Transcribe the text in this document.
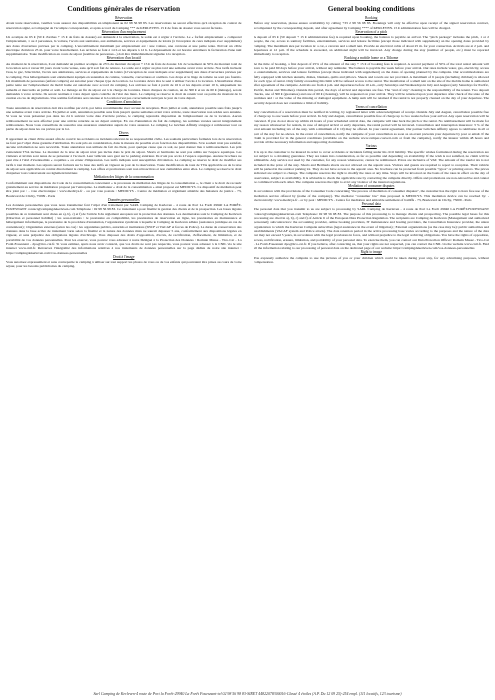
Conditions générales de réservation
Réservation

Avant toute réservation, veuillez vous assurer des disponibilités en téléphonant au 02 98 56 98 83. Les réservations ne seront effectives qu'à réception du contrat de réservation signé, accompagné de l'acompte correspondant, et après accord du Camping *** de KERLEVEN. 15 € de frais de dossier vous seront facturés.

Réservation d'un emplacement

Un acompte de 65 € (50 € d'arrhes + 15 € de frais de dossier) est demandé à la réservation, le solde est à régler à l'arrivée. Le « forfait emplacement » comprend l'emplacement, 1 ou 2 personnes, la voiture, l'accès aux sanitaires, aux animations, services et équipements de loisirs (à l'exception de ceux indiqués avec supplément) aux dates d'ouverture prévues par le camping. L'encombrement maximum par emplacement est : une voiture, une caravane et une petite tente. Prévoir un câble électrique d'environ 25 m. pour votre branchement. Les arrivées se font à 14 h et les départs à 12 h. Le dépassement de cet horaire entraînera la facturation d'une nuit supplémentaire. Toute modification en cours de séjour (nombre de personnes...) doit être immédiatement signalée à la réception.

Réservation d'un locatif

Au moment de la réservation, il est demandé un premier acompte de 25% du montant du séjour + 15 € de frais de dossier. Un 2e versement de 50% du montant total de la location sera à verser 60 jours avant votre venue, sans qu'il soit fait de relance. Le solde est à régler au plus tard une semaine avant votre arrivée. Nos tarifs incluent l'eau, le gaz, l'électricité, l'accès aux animations, services et équipements de loisirs (à l'exception de ceux indiqués avec supplément) aux dates d'ouverture prévues par le camping. Nos hébergements sont entièrement équipés en ustensiles de cuisine, vaisselle, couvertures et oreillers. Les draps et le linge de toilette ne sont pas fournis. Un maximum de personnes (enfant compris) est autorisé pour chaque type de location. Le locataire devra être le seul à utiliser l'accès à la location. L'installation d'une petite tente sur l'emplacement du mobil home est autorisée avec accord du camping. Les arrivées se font à partir de 16 h et les départs avant 10 h, uniquement les samedis et mercredis en juillet et août. Le ménage en fin de séjour est à la charge du locataire. Deux chèques de caution, un de 300 € et un de 60 € (ménage), seront demandés à votre arrivée. Ils seront restitués à votre départ après contrôle de l'état des lieux. Le camping se réserve le droit de retenir tout ou partie du montant de la caution en cas de dégradations. Une somme forfaitaire sera retenue si la location n'est pas correctement nettoyée le jour de votre départ.

Conditions d'annulation

Toute annulation de réservation doit être notifiée par écrit, par lettre recommandée avec accusé de réception. Hors juillet et août, annulation possible sans frais jusqu'à une semaine avant votre arrivée. En juillet et août, annulation possible sans frais jusqu'à quatre semaines avant votre arrivée, toute réservation non soldée sera annulée. Si vous ne vous présentez pas dans les 24 h suivant votre date d'arrivée prévue, le camping reprendra disposition de l'emplacement ou de la location. Aucun remboursement ne sera effectué pour une arrivée retardée ou un départ anticipé. En cas d'annulation du fait du camping, les sommes versées seront intégralement remboursées. Nous vous conseillons de souscrire une assurance annulation auprès de votre assureur. Le camping Le Grichen Affinity s'engage à rembourser tout ou partie du séjour dans les cas prévus par la loi.

Divers

Il appartient au client d'être assuré afin de couvrir les accidents ou incidents relevant de sa responsabilité civile. Les souhaits particuliers formulés lors de la réservation ne font pas l'objet d'une garantie d'attribution. Ils sont pris en considération, dans la mesure du possible et en fonction des disponibilités. Si le souhait n'est pas satisfait, aucune réclamation ne sera recevable. Toute annulation non utilisée du fait du client, pour quelque cause que ce soit, ne peut donner lieu à remboursement. Les prix s'entendent TVA incluse. Le montant de la taxe de séjour n'est pas inclus dans le prix du séjour. Shorts et bermudas ne sont pas admis sur l'espace aquatique. Les visiteurs et invités sont tenus de se présenter à l'accueil. Leur véhicule sera garé sur le parking extérieur. Ils n'ont pas accès à l'espace aquatique. Aucune brochure ne peut être à l'abri d'éventualités « coquilles » ou erreur d'impression. Les tarifs indiqués sont susceptibles d'évolution. Le camping se réserve le droit de modifier ses tarifs à tout moment. Les séjours seront facturés sur la base des tarifs en vigueur au jour de la réservation. Toute modification du taux de TVA applicable ou de la taxe de séjour sera applicable en contrat directement le camping. Les offres et promotions sont non rétroactives et non cumulables entre elles. Le camping se réserve le droit d'expulser tout contrevenant au règlement intérieur.

Médiation des litiges de la consommation

Conformément aux dispositions du Code de la consommation concernant « le processus de médiation des litiges de la consommation », le client a le droit de recourir gratuitement au service de médiation proposé par l'entreprise. Le médiateur « droit de la consommation » ainsi proposé est MEDICYS. Ce dispositif de médiation peut être joint par : - voie électronique : www.medicys.fr - ou par voie postale : MEDICYS - Centre de médiation et règlement amiable des huissiers de justice - 73, Boulevard de Clichy, 75009 - Paris

Données personnelles

Les données personnelles que vous nous transmettez font l'objet d'un traitement par SARL Camping de Kerleven - 4 route de Port La Forêt 29940 LA FORÊT-FOUESNANT contact@campingdekerleven.com Téléphone : 02 98 56 98 83. Ce traitement a pour finalité la gestion des clients et de la prospection. Les bases légales possibles de ce traitement sont citées en a), b), c) et f) de l'article 6 du règlement européen sur la protection des données. Les destinataires sont le Camping de Kerleven (Direction et personnel habilité) ; les sous-traitants : le prestataire en comptabilité, les prestataires de réservation en ligne, les prestataires en maintenance et hébergement informatique, le prestataire de la procédure d'annulation, l'organisation syndicale à laquelle le Camping de Kerleven adhère (assistance juridique en cas de contentieux) ; Organismes externes (selon les cas) : les organismes publics, autorités et institutions (SNCF et VACAF et forces de Police). La durée de conservation des données dans la base active de traitement varie selon la finalité et la nature des données mais ne saurait dépasser 5 ans, conformément aux dispositions légales en vigueur, et sans préjudice des obligations légales d'archivage. Vous disposez des droits d'opposition, d'accès, de rectification, d'effacement, de limitation, et de portabilité de vos données personnelles. Pour les exercer, vous pouvez vous adresser à notre Délégué à la Protection des Données : Romain Masse - Tico-Cat - La Forêt-Fouesnant - dpo@tico-cat.fr. Si vous estimez, après nous avoir contacté, que vos droits ne sont pas respectés, vous pouvez vous adresser à la CNIL via le site internet www.cnil.fr. Retrouvez l'intégralité des informations relatives à nos traitements de données personnelles sur la page dédiée de notre site internet : https://campingdekerleven.com/vos-donnees-personnelles

Droit à l'image

Vous autorisez expressément et sans contrepartie le camping à utiliser sur tout support les photos de vous ou de vos enfants qui pourraient être prises au cours de votre séjour, pour les besoins publicitaires du camping.

General booking conditions
Booking

Before any reservation, please ensure availability by calling +33 2 98 56 98 83. Bookings will only be effective upon receipt of the signed reservation contract, accompanied by the corresponding deposit, and after agreement by Camping **** of KERLEVEN. 15 € administration fees will be charged.

Reservation of a pitch

A deposit of 65 € (50 deposit + 15 € administration fee) is required upon booking, the balance is payable on arrival. The "pitch package" includes the pitch, 1 or 2 people, the car, access to sanitary facilities, entertainment, services and leisure facilities (except those indicated with supplement) on the opening dates provided by camping. The maximum size per location is: a car, a caravan and a small tent. Provide an electrical cable of about 25 m. for your connection. Arrivals are at 2 p.m. and departures at 12 p.m. If the schedule is exceeded, an additional night will be invoiced. Any change during the stay (number of people, etc.) must be reported immediately to reception.

Booking a mobile home or a Tithome

At the time of booking, a first deposit of 25% of the amount of the stay + 15 € of booking fees is required. A second payment of 50% of the total rental amount will have to be paid 60 days before your arrival, without any reminder. The balance is payable the week before your arrival. Our rates include water, gas, electricity, access to entertainment, services and leisure facilities (except those indicated with supplement) on the dates of opening planned by the campsite. Our accommodations are fully equipped with kitchen utensils, dishes, blankets, quilts and pillows. Sheets and towels are not provided. A maximum of 6 people (including children) is allowed for each type of rental. Only family exceeding this limit will be refused access to the rental. The installation of a small tent on the site of the mobile home is authorized after agreement of the campsite. Arrivals are from 4 p.m. and departures before 10 a.m., only Saturdays and Wednesdays in July and August (only Saturdays for Pacific, Pacific, Relax and Tithomes). Outside this period, the days of arrival and departure are free. The "end of stay" cleaning is the responsibility of the tenant. Two deposit checks, one of 300 € (guarantee) and one of 60 € (cleaning), will be requested on your arrival. They will be returned upon your departure after check of the state of the premises and / or the value of the missing or damaged equipment. A lump sum will be retained if the rental is not properly cleaned on the day of your departure. The security deposit does not constitute a limit of liability.

Terms of cancellation

Any cancellation of a reservation must be notified in writing, by registered letter with acknowledgment of receipt. Outside July and August, cancellation possible free of charge up to one week before your arrival. In July and August, cancellation possible free of charge up to two weeks before your arrival. Any open reservation will be canceled. If you do not show up within 24 hours of your scheduled arrival date, the campsite will take back the pitch or the rental. No reimbursement will be made for any reason whatsoever for rentals, in case of delayed arrival or early departure, the rental period will be invoiced. Cancellation and interruption insurance: 3 % of the total amount including tax of the stay, with a minimum of € 10) may be offered. In your rental agreement, Our partner Gritchen Affinity agrees to reimburse in all or part of the stay for no-shows. In the event of cancellation, notify the campsite of your cancellation as soon as an event prevents your departure by post or email. If the claim is provided for in the general conditions (available on the website www.camper-couvert.com or from the campsite), notify the insurer within 48 hours and provide all the necessary information and supporting documents.

Various

It is up to the customer to be insured in order to cover accidents or incidents falling under his civil liability. The specific wishes formulated during the reservation are not subject to a obtaining guarantee. They are taken into consideration, as far as possible and depending on availability. If the wish is not satisfied, no claim will be admissible. Any service not used by the customer, for any reason whatsoever, cannot be reimbursed. Prices are inclusive of VAT. The amount of the tourist tax is not included in the price of the stay. Shorts and Bermuda shorts are not allowed on the aquatic area. Visitors and guests are required to report to reception. Their vehicle will be parked in the outdoor parking lot. They do not have access to the aquatic area. No brochure can be protected from possible "typos" or printing errors. The prices indicated are subject to change. The campsite reserves the right to modify the rates at any time. Stays will be invoiced on the basis of the rates in effect on the day of reservation, subject to availability. It is advisable to check the applicable rate by contacting the campsite directly. Offers and promotions are non-retroactive and cannot be combined with each other. The campsite reserves the right to evict any violator of the internal regulations.

Mediation of consumer disputes

In accordance with the provisions of the Consumer Code concerning "the process of mediation of consumer disputes", the customer has the right to have free use of the mediation service offered by (name of the company). The mediator "consumer law" thus proposed is MEDICYS. This mediation device can be reached by: - electronically: www.medicys.fr - or by post : MEDICYS - Centre for mediation and amicable settlement of bailiffs - 73, Boulevard de Clichy, 75009 - Paris

Personal data

The personal data that you transmit to us are subject to processing by SARL Camping de Kerleven - 4 route de Port La Forêt 29940 LA FORÊT-FOUESNANT contact@campingdekerleven.com Telephone: 02 98 56 98 83. The purpose of this processing is to manage clients and prospecting. The possible legal bases for this processing are cited in a), b), c) and f) of Article 6 of the European Data Protection Regulation. The recipients are Camping de Kerleven (Management and authorized personnel); subcontractors: the accounting provider, online booking providers, IT maintenance and hosting providers, the Cancellation Insurance provider, the union organization to which the Kerleven Campsite subscribes (legal assistance in the event of litigation) ; External organizations (as the case may be): public authorities and establishments (VACAF system and Police attack). The data retention period in the active processing base varies according to the purposes and the nature of the data but may not exceed 5 years, in accordance with the legal provisions in force, and without prejudice to the legal archiving obligations. You have the rights of opposition, access, rectification, erasure, limitation, and portability of your personal data. To exercise them, you can contact our Data Protection Officer: Romain Massé - Tico-Cat - La Forêt-Fouesnant dpo@tico-cat.fr. If you believe, after contacting us, that your rights are not respected, you can contact the CNIL via the website www.cnil.fr. Find all the information relating to our processing of personal data on the dedicated page of our website: https://campingdekerleven.com/vos-donnees-personnelles

Right to image

You expressly authorize the campsite to use the pictures of you or your children which could be taken during your stay, for any advertising purposes, without compensation.

Sarl Camping de Kerleven-4 route de Port la Forêt-29940 La Forêt Fouesnant-tel 02 98 56 98 83-SIRET 44822078300016-Classé 4 étoiles (A.P. Du 12 09 25)-254 empl. (111 locatifs, 123 tourisme)
